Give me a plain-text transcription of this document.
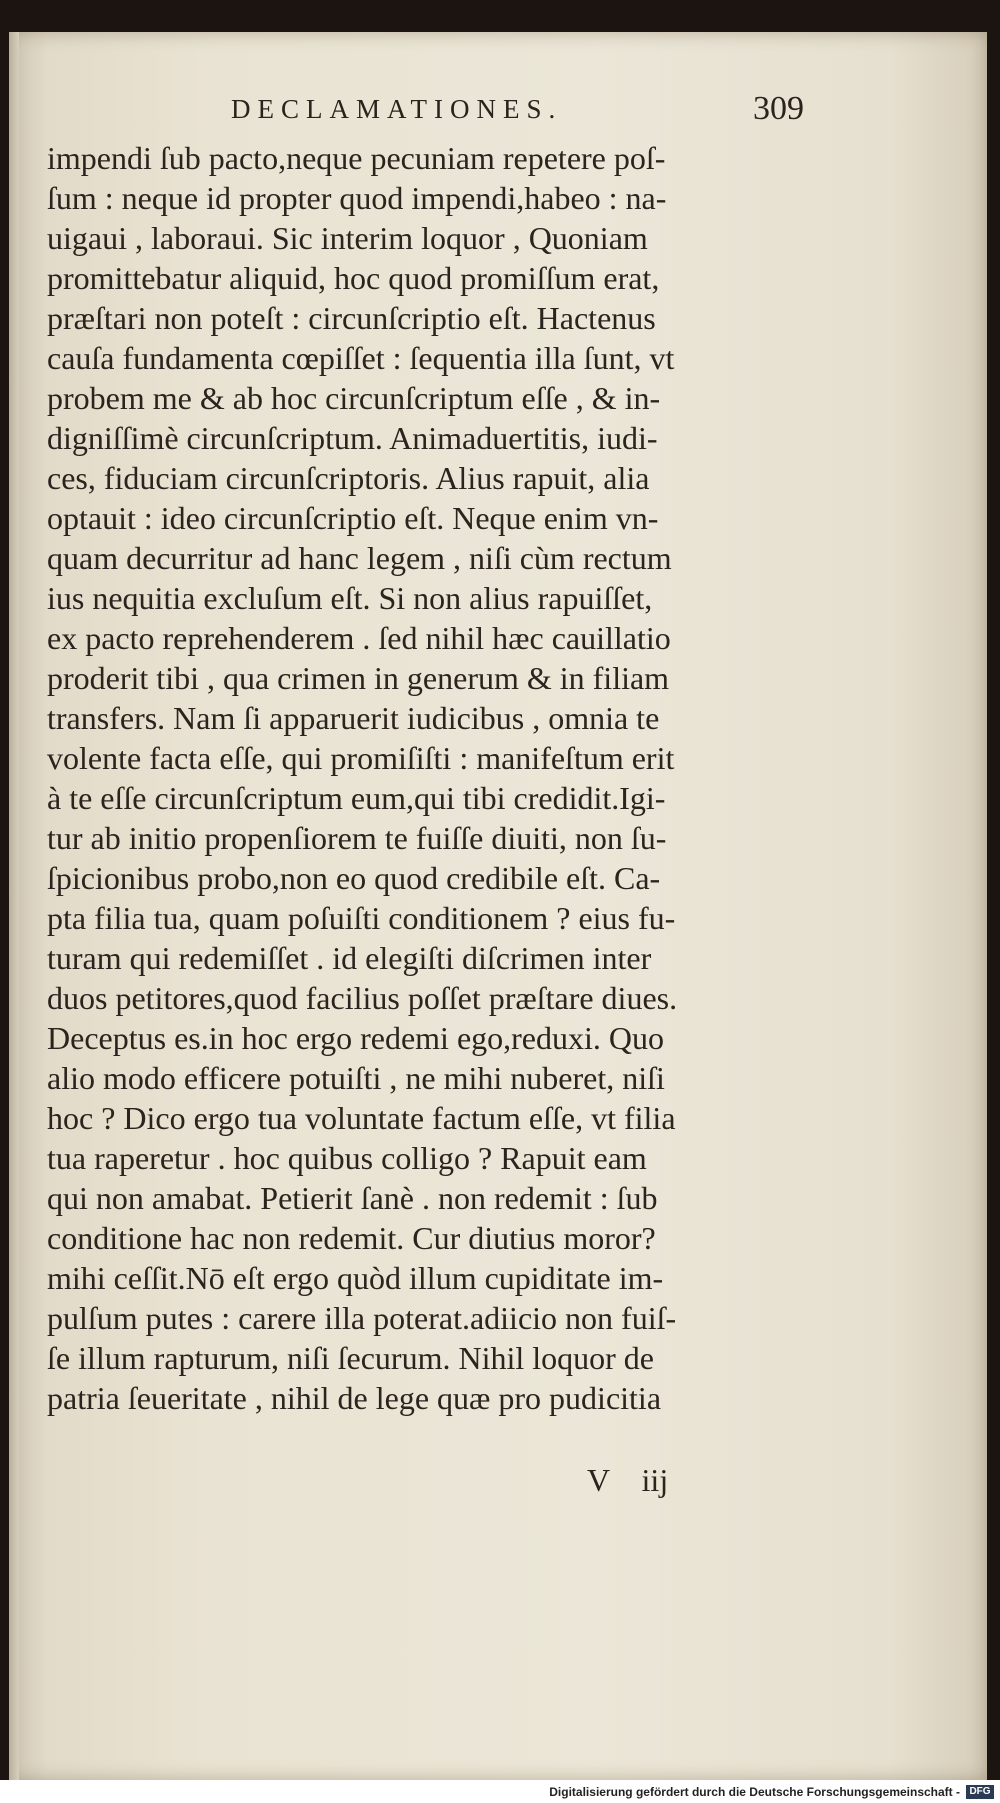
DECLAMATIONES.	309
impendi ſub pacto,neque pecuniam repetere poſ-
ſum : neque id propter quod impendi,habeo : na-
uigaui , laboraui. Sic interim loquor , Quoniam
promittebatur aliquid, hoc quod promiſſum erat,
præſtari non poteſt : circunſcriptio eſt. Hactenus
cauſa fundamenta cœpiſſet : ſequentia illa ſunt, vt
probem me & ab hoc circunſcriptum eſſe , & in-
digniſſimè circunſcriptum. Animaduertitis, iudi-
ces, fiduciam circunſcriptoris. Alius rapuit, alia
optauit : ideo circunſcriptio eſt. Neque enim vn-
quam decurritur ad hanc legem , niſi cùm rectum
ius nequitia excluſum eſt. Si non alius rapuiſſet,
ex pacto reprehenderem . ſed nihil hæc cauillatio
proderit tibi , qua crimen in generum & in filiam
transfers. Nam ſi apparuerit iudicibus , omnia te
volente facta eſſe, qui promiſiſti : manifeſtum erit
à te eſſe circunſcriptum eum,qui tibi credidit.Igi-
tur ab initio propenſiorem te fuiſſe diuiti, non ſu-
ſpicionibus probo,non eo quod credibile eſt. Ca-
pta filia tua, quam poſuiſti conditionem ? eius fu-
turam qui redemiſſet . id elegiſti diſcrimen inter
duos petitores,quod facilius poſſet præſtare diues.
Deceptus es.in hoc ergo redemi ego,reduxi. Quo
alio modo efficere potuiſti , ne mihi nuberet, niſi
hoc ? Dico ergo tua voluntate factum eſſe, vt filia
tua raperetur . hoc quibus colligo ? Rapuit eam
qui non amabat. Petierit ſanè . non redemit : ſub
conditione hac non redemit. Cur diutius moror?
mihi ceſſit.Nō eſt ergo quòd illum cupiditate im-
pulſum putes : carere illa poterat.adiicio non fuiſ-
ſe illum rapturum, niſi ſecurum. Nihil loquor de
patria ſeueritate , nihil de lege quæ pro pudicitia
V    iij
Digitalisierung gefördert durch die Deutsche Forschungsgemeinschaft - DFG
